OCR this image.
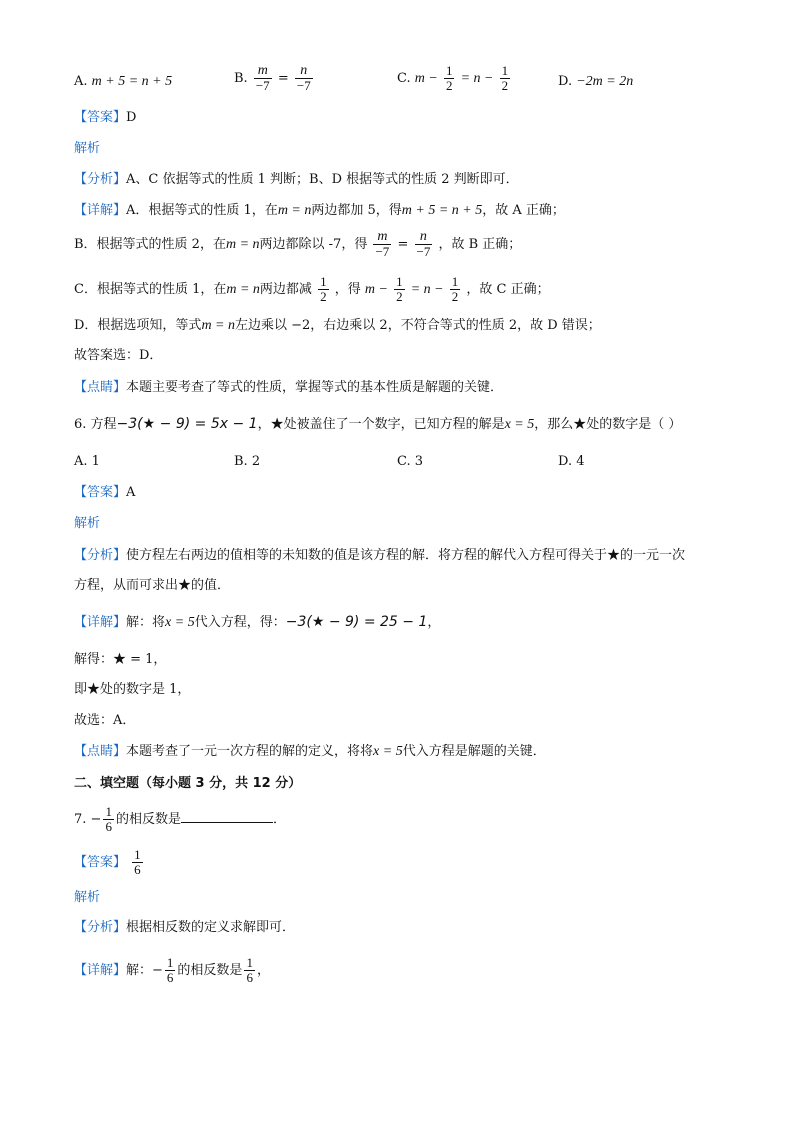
A. m + 5 = n + 5	B. $\frac{m}{-7} = \frac{n}{-7}$	C. $m - \frac{1}{2} = n - \frac{1}{2}$	D. −2m = 2n
【答案】D
解析
【分析】A、C 依据等式的性质 1 判断；B、D 根据等式的性质 2 判断即可．
【详解】A．根据等式的性质 1，在m = n两边都加 5，得m + 5 = n + 5，故 A 正确；
B．根据等式的性质 2，在m = n两边都除以 -7，得 $\frac{m}{-7} = \frac{n}{-7}$ ，故 B 正确；
C．根据等式的性质 1，在m = n两边都减 $\frac{1}{2}$ ，得 $m - \frac{1}{2} = n - \frac{1}{2}$ ，故 C 正确；
D．根据选项知，等式m = n左边乘以 −2，右边乘以 2，不符合等式的性质 2，故 D 错误；
故答案选：D．
【点睛】本题主要考查了等式的性质，掌握等式的基本性质是解题的关键．
6. 方程−3(★ − 9) = 5x − 1，★处被盖住了一个数字，已知方程的解是x = 5，那么★处的数字是（ ）
A. 1	B. 2	C. 3	D. 4
【答案】A
解析
【分析】使方程左右两边的值相等的未知数的值是该方程的解．将方程的解代入方程可得关于★的一元一次
方程，从而可求出★的值．
【详解】解：将x = 5代入方程，得：−3(★ − 9) = 25 − 1，
解得：★ = 1，
即★处的数字是 1，
故选：A．
【点睛】本题考查了一元一次方程的解的定义，将将x = 5代入方程是解题的关键．
二、填空题（每小题 3 分，共 12 分）
7. − $\frac{1}{6}$ 的相反数是	．
【答案】 $\frac{1}{6}$
解析
【分析】根据相反数的定义求解即可．
【详解】解：− $\frac{1}{6}$ 的相反数是 $\frac{1}{6}$ ，
